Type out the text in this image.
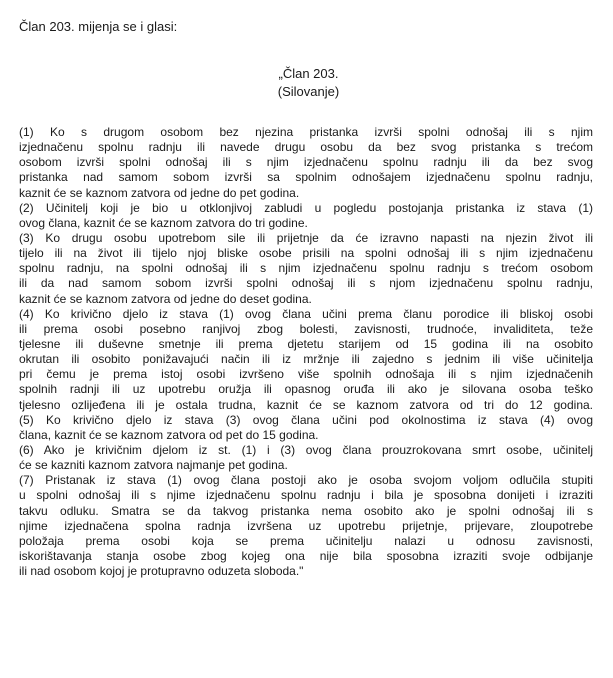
Član 203. mijenja se i glasi:
„Član 203.
(Silovanje)
(1) Ko s drugom osobom bez njezina pristanka izvrši spolni odnošaj ili s njim
izjednačenu spolnu radnju ili navede drugu osobu da bez svog pristanka s trećom
osobom izvrši spolni odnošaj ili s njim izjednačenu spolnu radnju ili da bez svog
pristanka nad samom sobom izvrši sa spolnim odnošajem izjednačenu spolnu radnju,
kaznit će se kaznom zatvora od jedne do pet godina.
(2) Učinitelj koji je bio u otklonjivoj zabludi u pogledu postojanja pristanka iz stava (1)
ovog člana, kaznit će se kaznom zatvora do tri godine.
(3) Ko drugu osobu upotrebom sile ili prijetnje da će izravno napasti na njezin život ili
tijelo ili na život ili tijelo njoj bliske osobe prisili na spolni odnošaj ili s njim izjednačenu
spolnu radnju, na spolni odnošaj ili s njim izjednačenu spolnu radnju s trećom osobom
ili da nad samom sobom izvrši spolni odnošaj ili s njom izjednačenu spolnu radnju,
kaznit će se kaznom zatvora od jedne do deset godina.
(4) Ko krivično djelo iz stava (1) ovog člana učini prema članu porodice ili bliskoj osobi
ili prema osobi posebno ranjivoj zbog bolesti, zavisnosti, trudnoće, invaliditeta, teže
tjelesne ili duševne smetnje ili prema djetetu starijem od 15 godina ili na osobito
okrutan ili osobito ponižavajući način ili iz mržnje ili zajedno s jednim ili više učinitelja
pri čemu je prema istoj osobi izvršeno više spolnih odnošaja ili s njim izjednačenih
spolnih radnji ili uz upotrebu oružja ili opasnog oruđa ili ako je silovana osoba teško
tjelesno ozlijeđena ili je ostala trudna, kaznit će se kaznom zatvora od tri do 12 godina.
(5) Ko krivično djelo iz stava (3) ovog člana učini pod okolnostima iz stava (4) ovog
člana, kaznit će se kaznom zatvora od pet do 15 godina.
(6) Ako je krivičnim djelom iz st. (1) i (3) ovog člana prouzrokovana smrt osobe, učinitelj
će se kazniti kaznom zatvora najmanje pet godina.
(7) Pristanak iz stava (1) ovog člana postoji ako je osoba svojom voljom odlučila stupiti
u spolni odnošaj ili s njime izjednačenu spolnu radnju i bila je sposobna donijeti i izraziti
takvu odluku. Smatra se da takvog pristanka nema osobito ako je spolni odnošaj ili s
njime izjednačena spolna radnja izvršena uz upotrebu prijetnje, prijevare, zloupotrebe
položaja prema osobi koja se prema učinitelju nalazi u odnosu zavisnosti,
iskorištavanja stanja osobe zbog kojeg ona nije bila sposobna izraziti svoje odbijanje
ili nad osobom kojoj je protupravno oduzeta sloboda."
